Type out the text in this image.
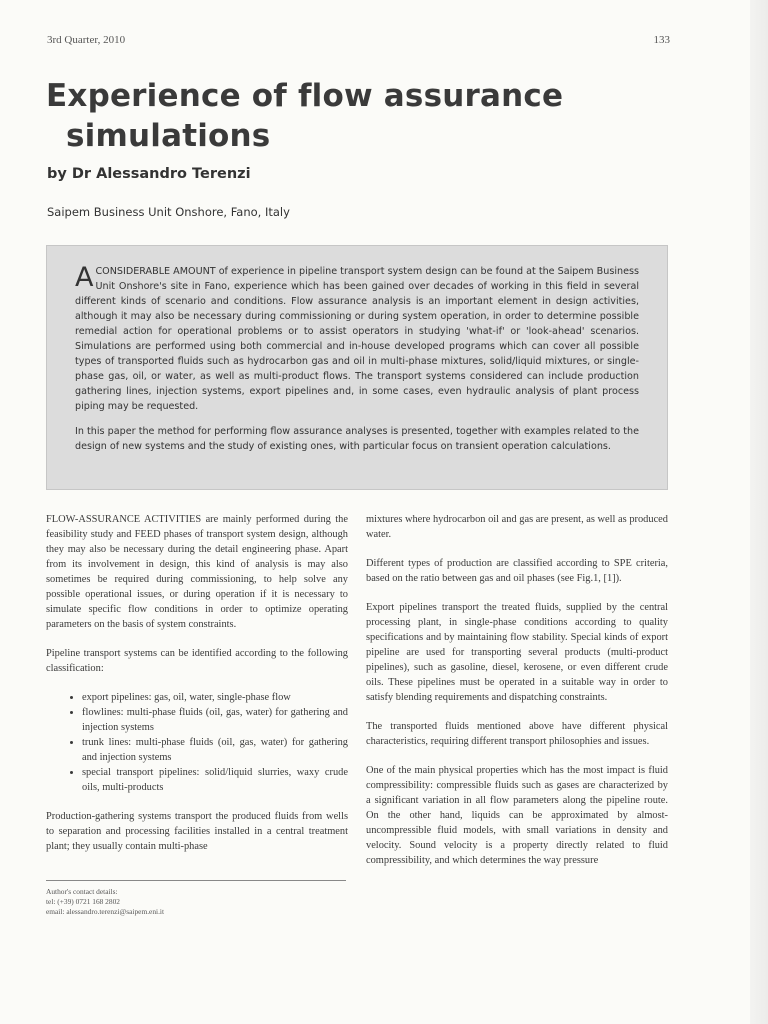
3rd Quarter, 2010	133
Experience of flow assurance
simulations
by Dr Alessandro Terenzi
Saipem Business Unit Onshore, Fano, Italy

ACONSIDERABLE AMOUNT of experience in pipeline transport system design can be found at the Saipem Business Unit Onshore's site in Fano, experience which has been gained over decades of working in this field in several different kinds of scenario and conditions. Flow assurance analysis is an important element in design activities, although it may also be necessary during commissioning or during system operation, in order to determine possible remedial action for operational problems or to assist operators in studying 'what-if' or 'look-ahead' scenarios. Simulations are performed using both commercial and in-house developed programs which can cover all possible types of transported fluids such as hydrocarbon gas and oil in multi-phase mixtures, solid/liquid mixtures, or single-phase gas, oil, or water, as well as multi-product flows. The transport systems considered can include production gathering lines, injection systems, export pipelines and, in some cases, even hydraulic analysis of plant process piping may be requested.

In this paper the method for performing flow assurance analyses is presented, together with examples related to the design of new systems and the study of existing ones, with particular focus on transient operation calculations.

FLOW-ASSURANCE ACTIVITIES are mainly performed during the feasibility study and FEED phases of transport system design, although they may also be necessary during the detail engineering phase. Apart from its involvement in design, this kind of analysis is may also sometimes be required during commissioning, to help solve any possible operational issues, or during operation if it is necessary to simulate specific flow conditions in order to optimize operating parameters on the basis of system constraints.

Pipeline transport systems can be identified according to the following classification:

• export pipelines: gas, oil, water, single-phase flow
• flowlines: multi-phase fluids (oil, gas, water) for gathering and injection systems
• trunk lines: multi-phase fluids (oil, gas, water) for gathering and injection systems
• special transport pipelines: solid/liquid slurries, waxy crude oils, multi-products

Production-gathering systems transport the produced fluids from wells to separation and processing facilities installed in a central treatment plant; they usually contain multi-phase

Author's contact details:
tel: (+39) 0721 168 2802
email: alessandro.terenzi@saipem.eni.it

mixtures where hydrocarbon oil and gas are present, as well as produced water.

Different types of production are classified according to SPE criteria, based on the ratio between gas and oil phases (see Fig.1, [1]).

Export pipelines transport the treated fluids, supplied by the central processing plant, in single-phase conditions according to quality specifications and by maintaining flow stability. Special kinds of export pipeline are used for transporting several products (multi-product pipelines), such as gasoline, diesel, kerosene, or even different crude oils. These pipelines must be operated in a suitable way in order to satisfy blending requirements and dispatching constraints.

The transported fluids mentioned above have different physical characteristics, requiring different transport philosophies and issues.

One of the main physical properties which has the most impact is fluid compressibility: compressible fluids such as gases are characterized by a significant variation in all flow parameters along the pipeline route. On the other hand, liquids can be approximated by almost-uncompressible fluid models, with small variations in density and velocity. Sound velocity is a property directly related to fluid compressibility, and which determines the way pressure
